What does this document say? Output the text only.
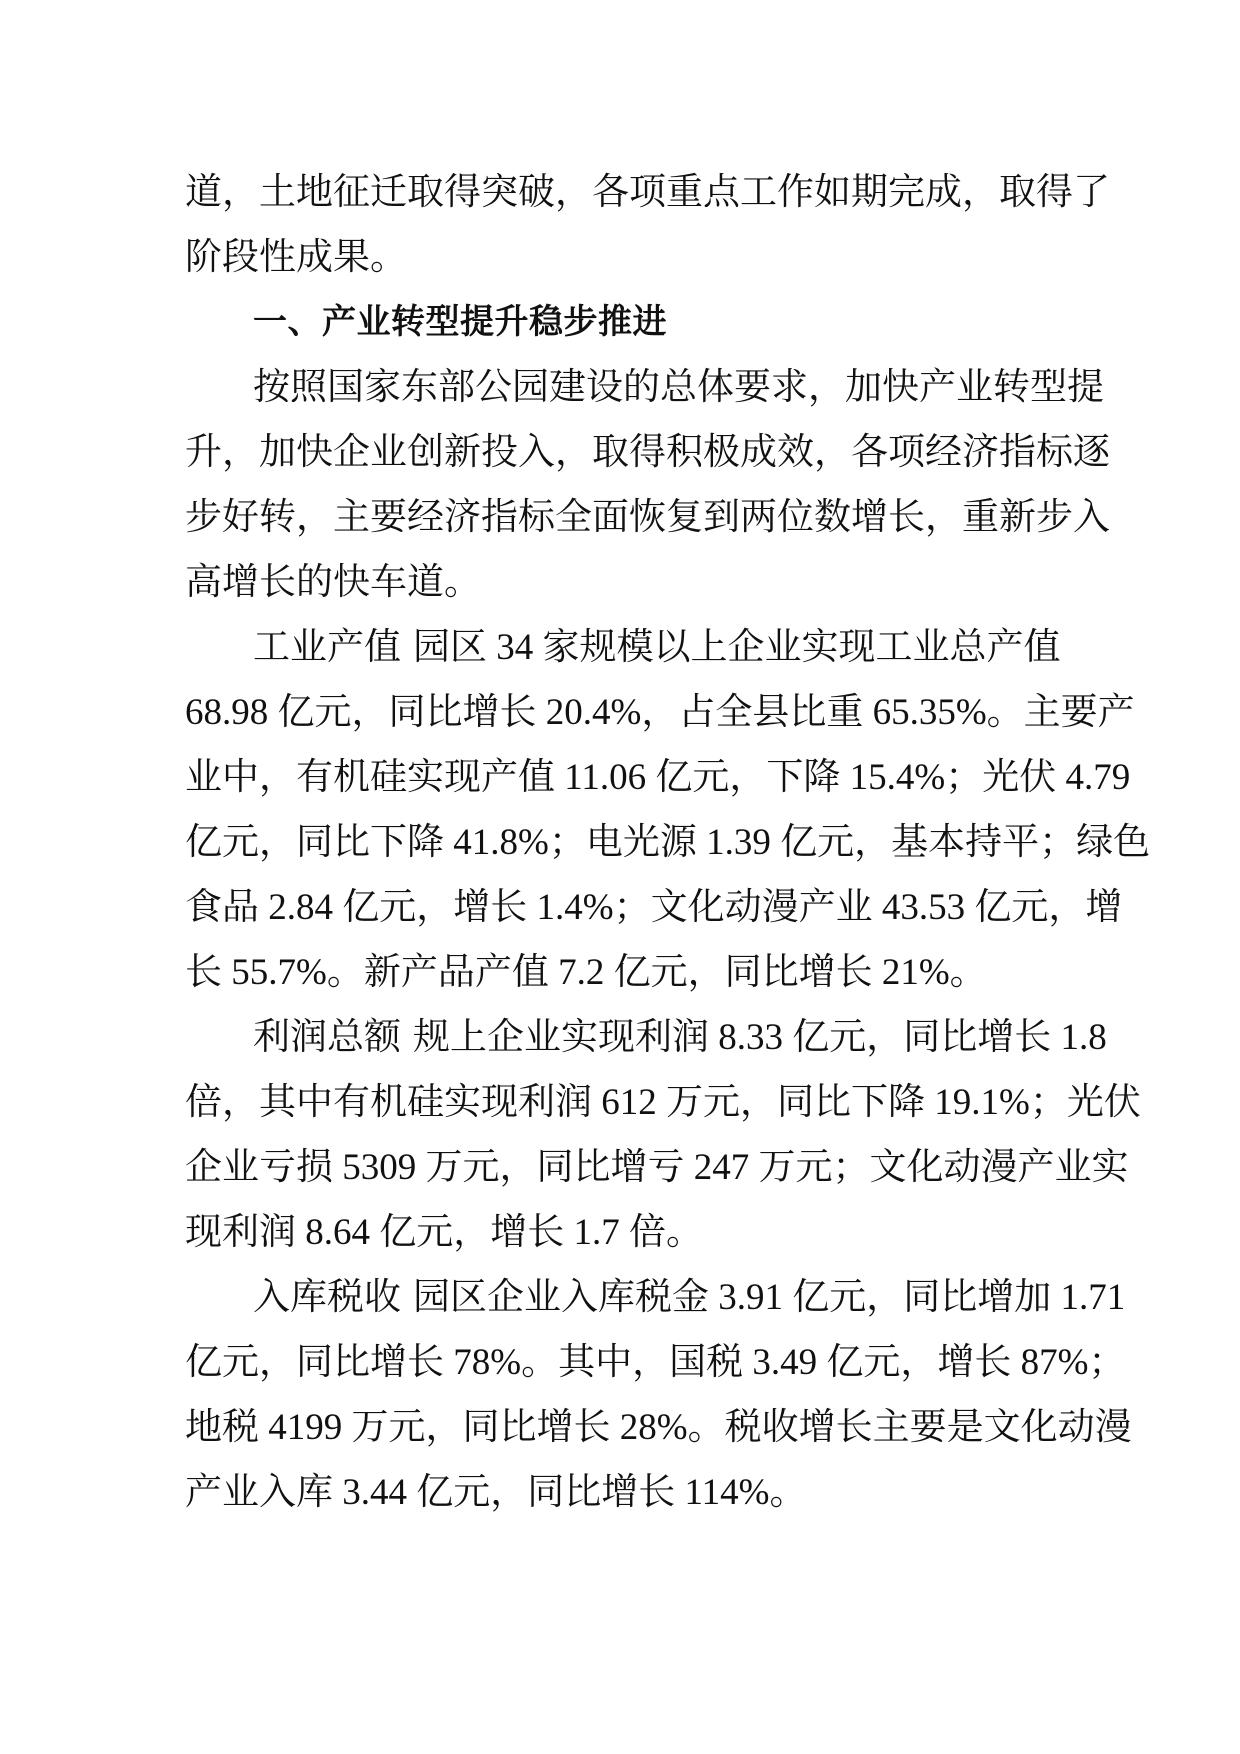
道，土地征迁取得突破，各项重点工作如期完成，取得了
阶段性成果。
一、产业转型提升稳步推进
按照国家东部公园建设的总体要求，加快产业转型提
升，加快企业创新投入，取得积极成效，各项经济指标逐
步好转，主要经济指标全面恢复到两位数增长，重新步入
高增长的快车道。
工业产值 园区 34 家规模以上企业实现工业总产值
68.98 亿元，同比增长 20.4%，占全县比重 65.35%。主要产
业中，有机硅实现产值 11.06 亿元，下降 15.4%；光伏 4.79
亿元，同比下降 41.8%；电光源 1.39 亿元，基本持平；绿色
食品 2.84 亿元，增长 1.4%；文化动漫产业 43.53 亿元，增
长 55.7%。新产品产值 7.2 亿元，同比增长 21%。
利润总额 规上企业实现利润 8.33 亿元，同比增长 1.8
倍，其中有机硅实现利润 612 万元，同比下降 19.1%；光伏
企业亏损 5309 万元，同比增亏 247 万元；文化动漫产业实
现利润 8.64 亿元，增长 1.7 倍。
入库税收 园区企业入库税金 3.91 亿元，同比增加 1.71
亿元，同比增长 78%。其中，国税 3.49 亿元，增长 87%；
地税 4199 万元，同比增长 28%。税收增长主要是文化动漫
产业入库 3.44 亿元，同比增长 114%。
